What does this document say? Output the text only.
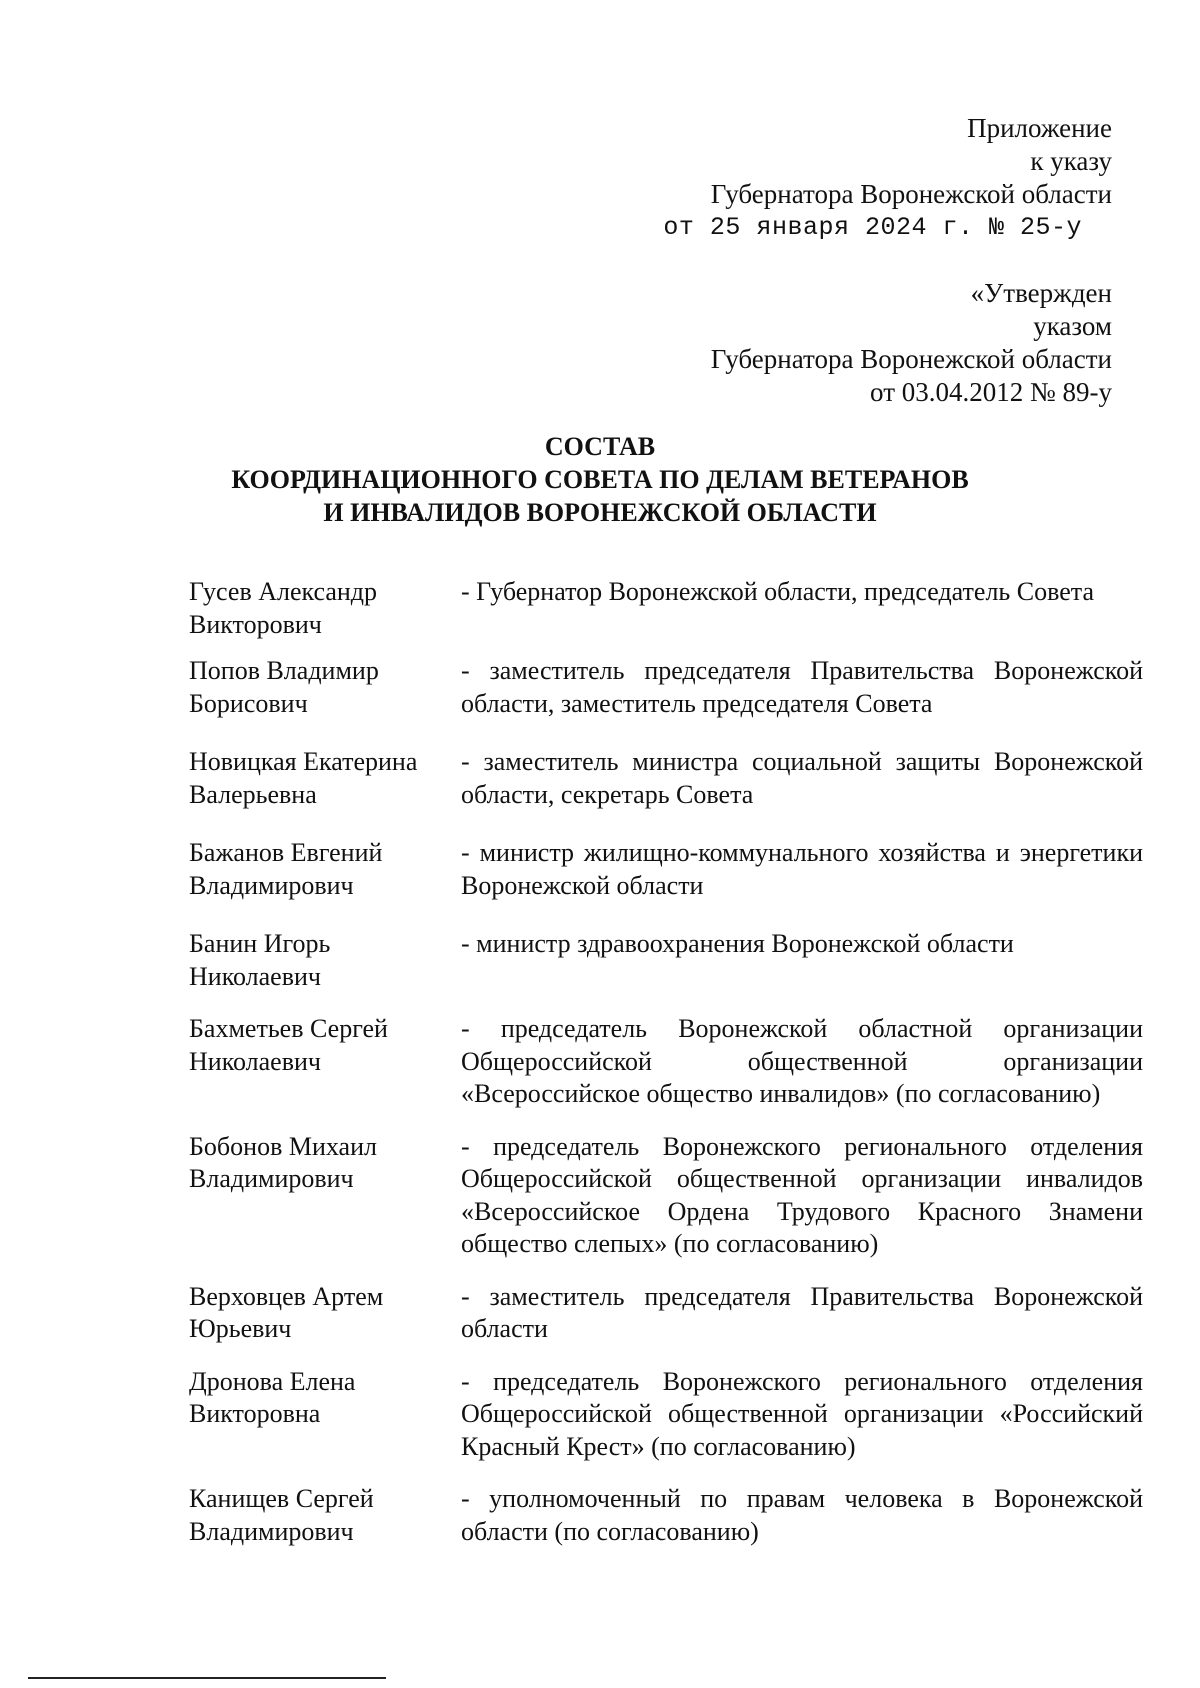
Приложение
к указу
Губернатора Воронежской области
от 25 января 2024 г. № 25-у
«Утвержден
указом
Губернатора Воронежской области
от 03.04.2012 № 89-у
СОСТАВ
КООРДИНАЦИОННОГО СОВЕТА ПО ДЕЛАМ ВЕТЕРАНОВ
И ИНВАЛИДОВ ВОРОНЕЖСКОЙ ОБЛАСТИ
Гусев Александр
Викторович
- Губернатор Воронежской области, председатель Совета
Попов Владимир
Борисович
- заместитель председателя Правительства Воронежской области, заместитель председателя Совета
Новицкая Екатерина
Валерьевна
- заместитель министра социальной защиты Воронежской области, секретарь Совета
Бажанов Евгений
Владимирович
- министр жилищно-коммунального хозяйства и энергетики Воронежской области
Банин Игорь
Николаевич
- министр здравоохранения Воронежской области
Бахметьев Сергей
Николаевич
- председатель Воронежской областной организации Общероссийской общественной организации «Всероссийское общество инвалидов» (по согласованию)
Бобонов Михаил
Владимирович
- председатель Воронежского регионального отделения Общероссийской общественной организации инвалидов «Всероссийское Ордена Трудового Красного Знамени общество слепых» (по согласованию)
Верховцев Артем
Юрьевич
- заместитель председателя Правительства Воронежской области
Дронова Елена
Викторовна
- председатель Воронежского регионального отделения Общероссийской общественной организации «Российский Красный Крест» (по согласованию)
Канищев Сергей
Владимирович
- уполномоченный по правам человека в Воронежской области (по согласованию)
